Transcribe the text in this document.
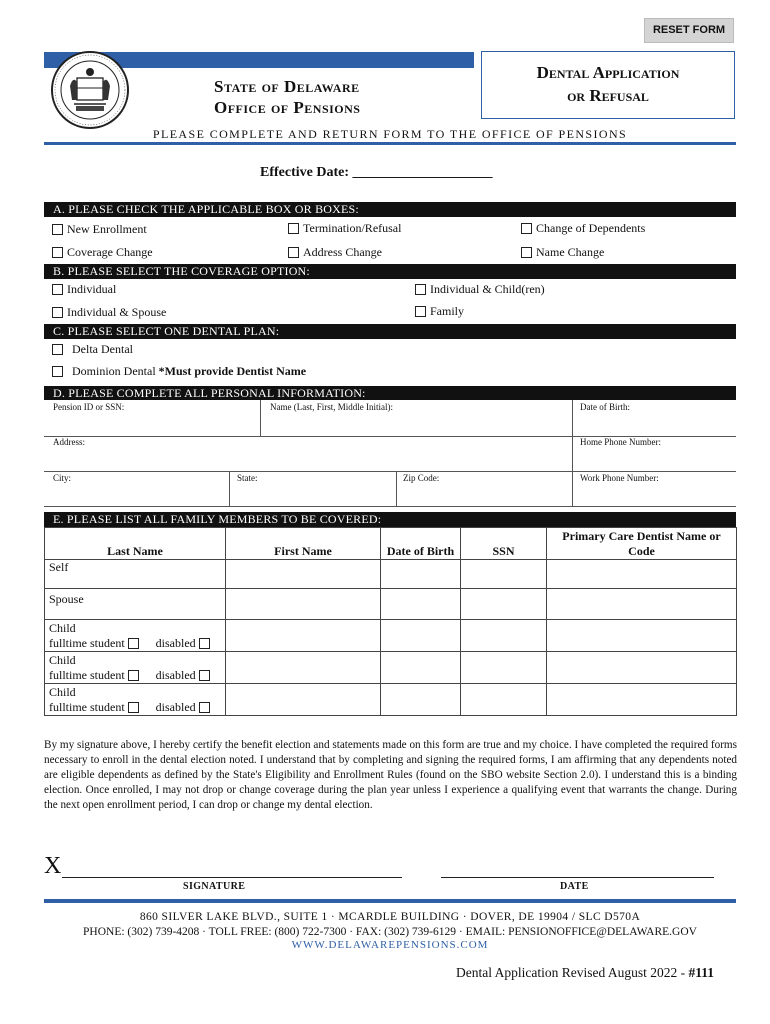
RESET FORM
State of Delaware
Office of Pensions
Dental Application
or Refusal
PLEASE COMPLETE AND RETURN FORM TO THE OFFICE OF PENSIONS
Effective Date: ____________________
A. PLEASE CHECK THE APPLICABLE BOX OR BOXES:
New Enrollment	Termination/Refusal	Change of Dependents
Coverage Change	Address Change	Name Change
B. PLEASE SELECT THE COVERAGE OPTION:
Individual	Individual & Child(ren)
Individual & Spouse	Family
C. PLEASE SELECT ONE DENTAL PLAN:
Delta Dental
Dominion Dental *Must provide Dentist Name
D. PLEASE COMPLETE ALL PERSONAL INFORMATION:
Pension ID or SSN:	Name (Last, First, Middle Initial):	Date of Birth:
Address:	Home Phone Number:
City:	State:	Zip Code:	Work Phone Number:
E. PLEASE LIST ALL FAMILY MEMBERS TO BE COVERED:
Last Name	First Name	Date of Birth	SSN	Primary Care Dentist Name or Code
Self				
Spouse				

Child
fulltime student disabled				

Child
fulltime student disabled				

Child
fulltime student disabled				

By my signature above, I hereby certify the benefit election and statements made on this form are true and my choice. I have completed the required forms necessary to enroll in the dental election noted. I understand that by completing and signing the required forms, I am affirming that any dependents noted are eligible dependents as defined by the State's Eligibility and Enrollment Rules (found on the SBO website Section 2.0). I understand this is a binding election. Once enrolled, I may not drop or change coverage during the plan year unless I experience a qualifying event that warrants the change. During the next open enrollment period, I can drop or change my dental election.
X
SIGNATURE	DATE
860 SILVER LAKE BLVD., SUITE 1 · MCARDLE BUILDING · DOVER, DE 19904 / SLC D570A
PHONE: (302) 739-4208 · TOLL FREE: (800) 722-7300 · FAX: (302) 739-6129 · EMAIL: PENSIONOFFICE@DELAWARE.GOV
WWW.DELAWAREPENSIONS.COM
Dental Application Revised August 2022 - #111
